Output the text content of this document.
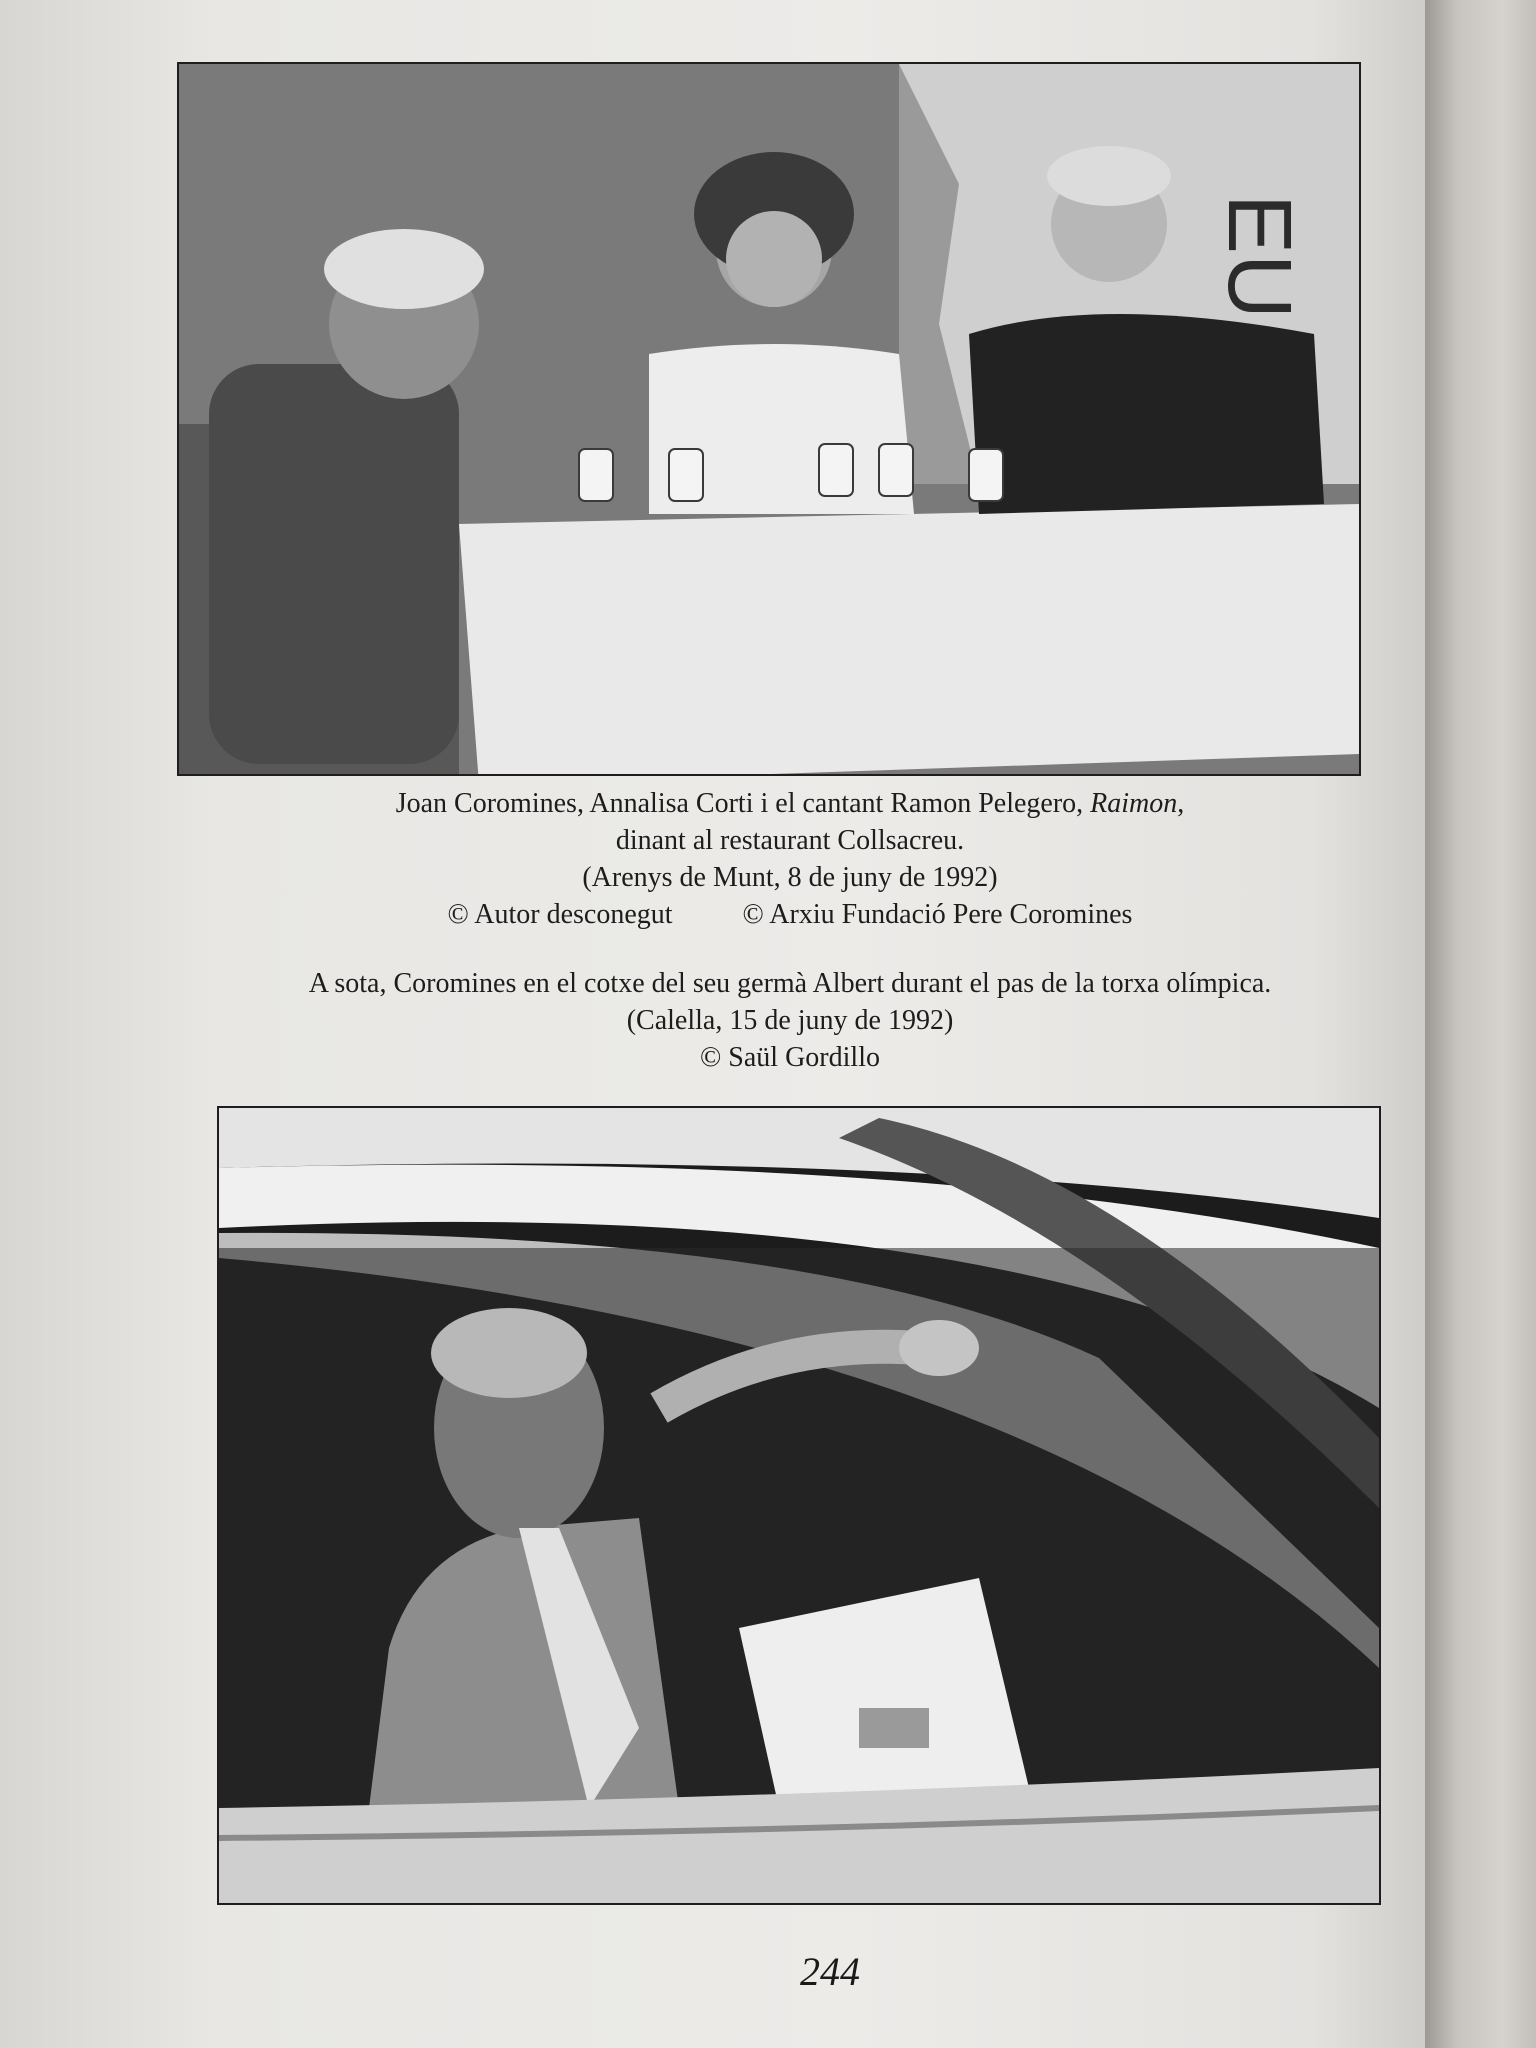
EU
Joan Coromines, Annalisa Corti i el cantant Ramon Pelegero, Raimon,
dinant al restaurant Collsacreu.
(Arenys de Munt, 8 de juny de 1992)
© Autor desconegut	© Arxiu Fundació Pere Coromines
A sota, Coromines en el cotxe del seu germà Albert durant el pas de la torxa olímpica.
(Calella, 15 de juny de 1992)
© Saül Gordillo
244
